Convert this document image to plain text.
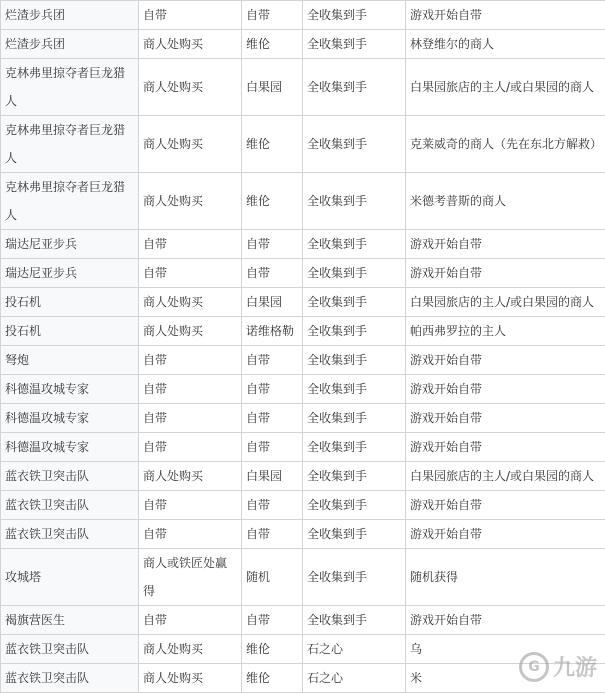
烂渣步兵团	自带	自带	全收集到手	游戏开始自带
烂渣步兵团	商人处购买	维伦	全收集到手	林登维尔的商人
克林弗里掠夺者巨龙猎人	商人处购买	白果园	全收集到手	白果园旅店的主人/或白果园的商人
克林弗里掠夺者巨龙猎人	商人处购买	维伦	全收集到手	克莱威奇的商人（先在东北方解救）
克林弗里掠夺者巨龙猎人	商人处购买	维伦	全收集到手	米德考普斯的商人
瑞达尼亚步兵	自带	自带	全收集到手	游戏开始自带
瑞达尼亚步兵	自带	自带	全收集到手	游戏开始自带
投石机	商人处购买	白果园	全收集到手	白果园旅店的主人/或白果园的商人
投石机	商人处购买	诺维格勒	全收集到手	帕西弗罗拉的主人
弩炮	自带	自带	全收集到手	游戏开始自带
科德温攻城专家	自带	自带	全收集到手	游戏开始自带
科德温攻城专家	自带	自带	全收集到手	游戏开始自带
科德温攻城专家	自带	自带	全收集到手	游戏开始自带
蓝衣铁卫突击队	商人处购买	白果园	全收集到手	白果园旅店的主人/或白果园的商人
蓝衣铁卫突击队	自带	自带	全收集到手	游戏开始自带
蓝衣铁卫突击队	自带	自带	全收集到手	游戏开始自带
攻城塔	商人或铁匠处赢得	随机	全收集到手	随机获得
褐旗营医生	自带	自带	全收集到手	游戏开始自带
蓝衣铁卫突击队	商人处购买	维伦	石之心	乌
蓝衣铁卫突击队	商人处购买	维伦	石之心	米
G 九游
